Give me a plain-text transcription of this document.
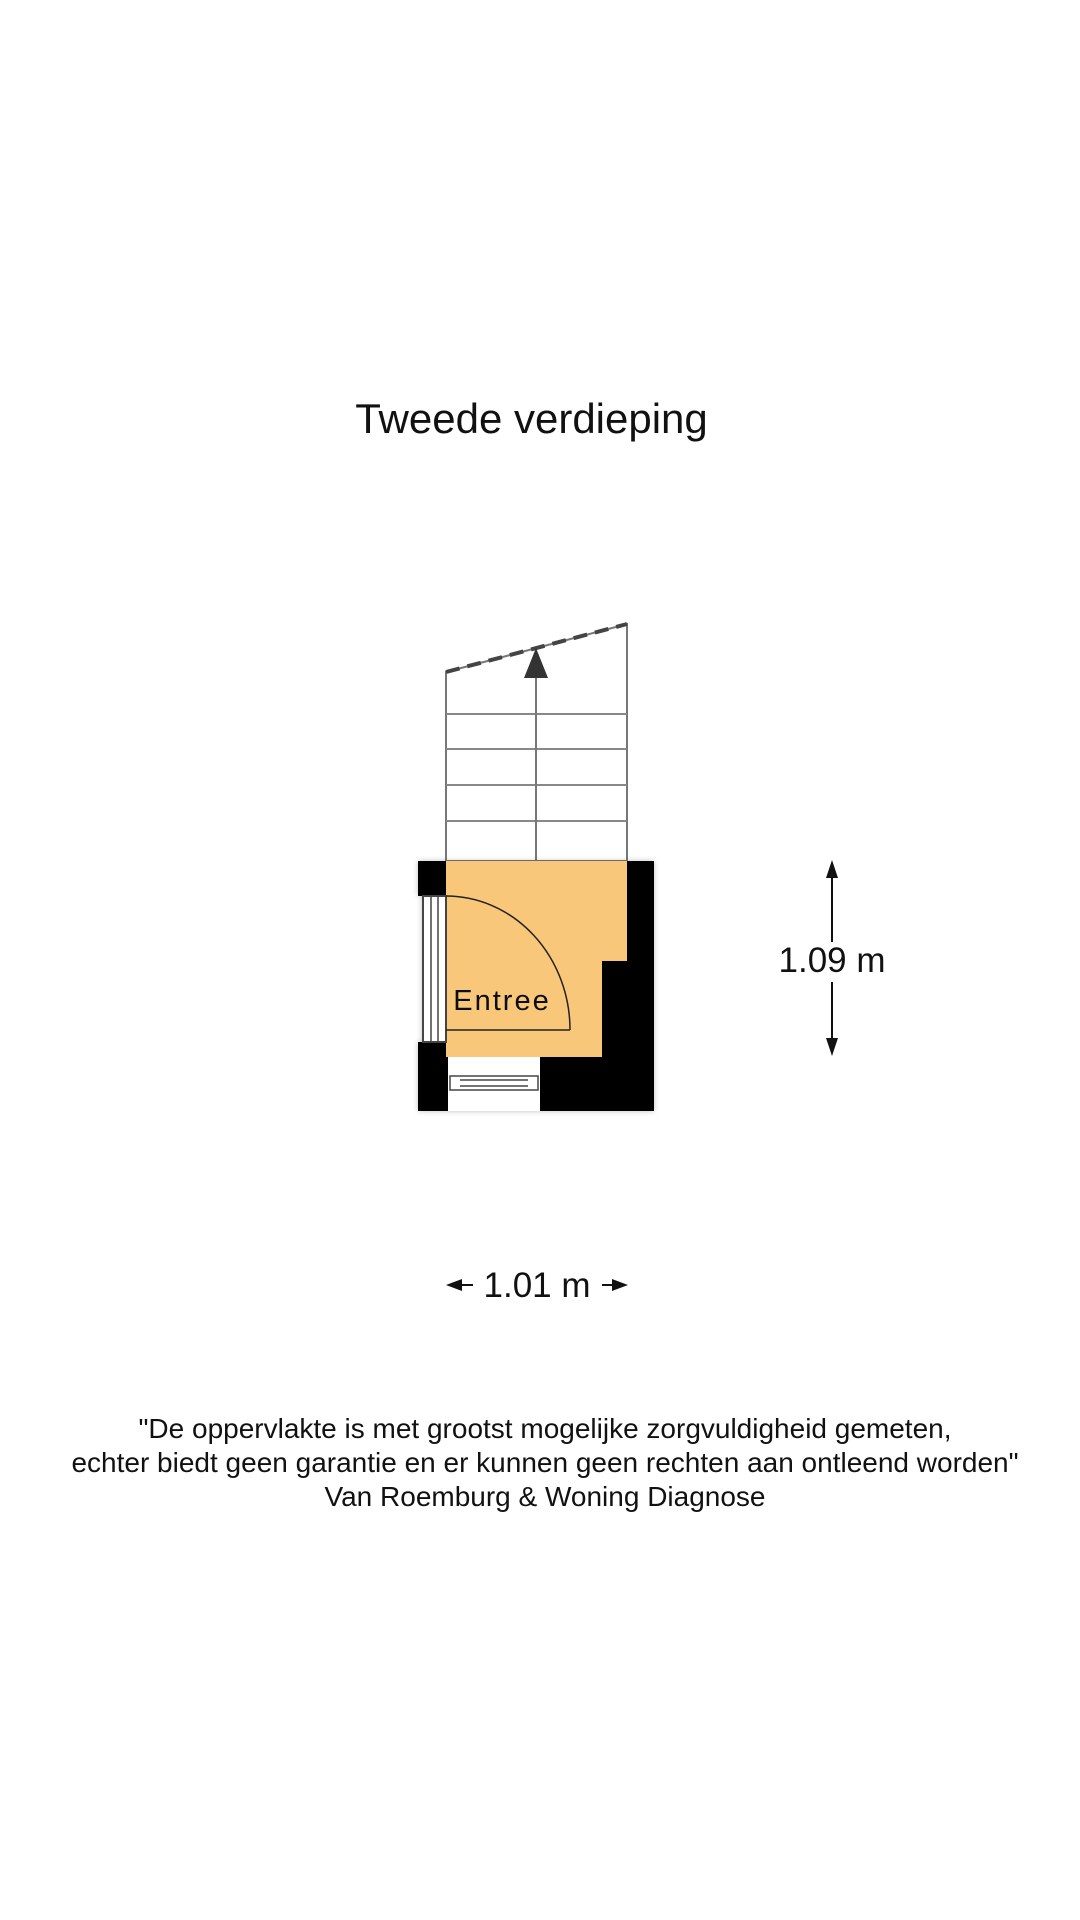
Tweede verdieping
Entree
1.09 m
1.01 m
"De oppervlakte is met grootst mogelijke zorgvuldigheid gemeten,
echter biedt geen garantie en er kunnen geen rechten aan ontleend worden"
Van Roemburg & Woning Diagnose
